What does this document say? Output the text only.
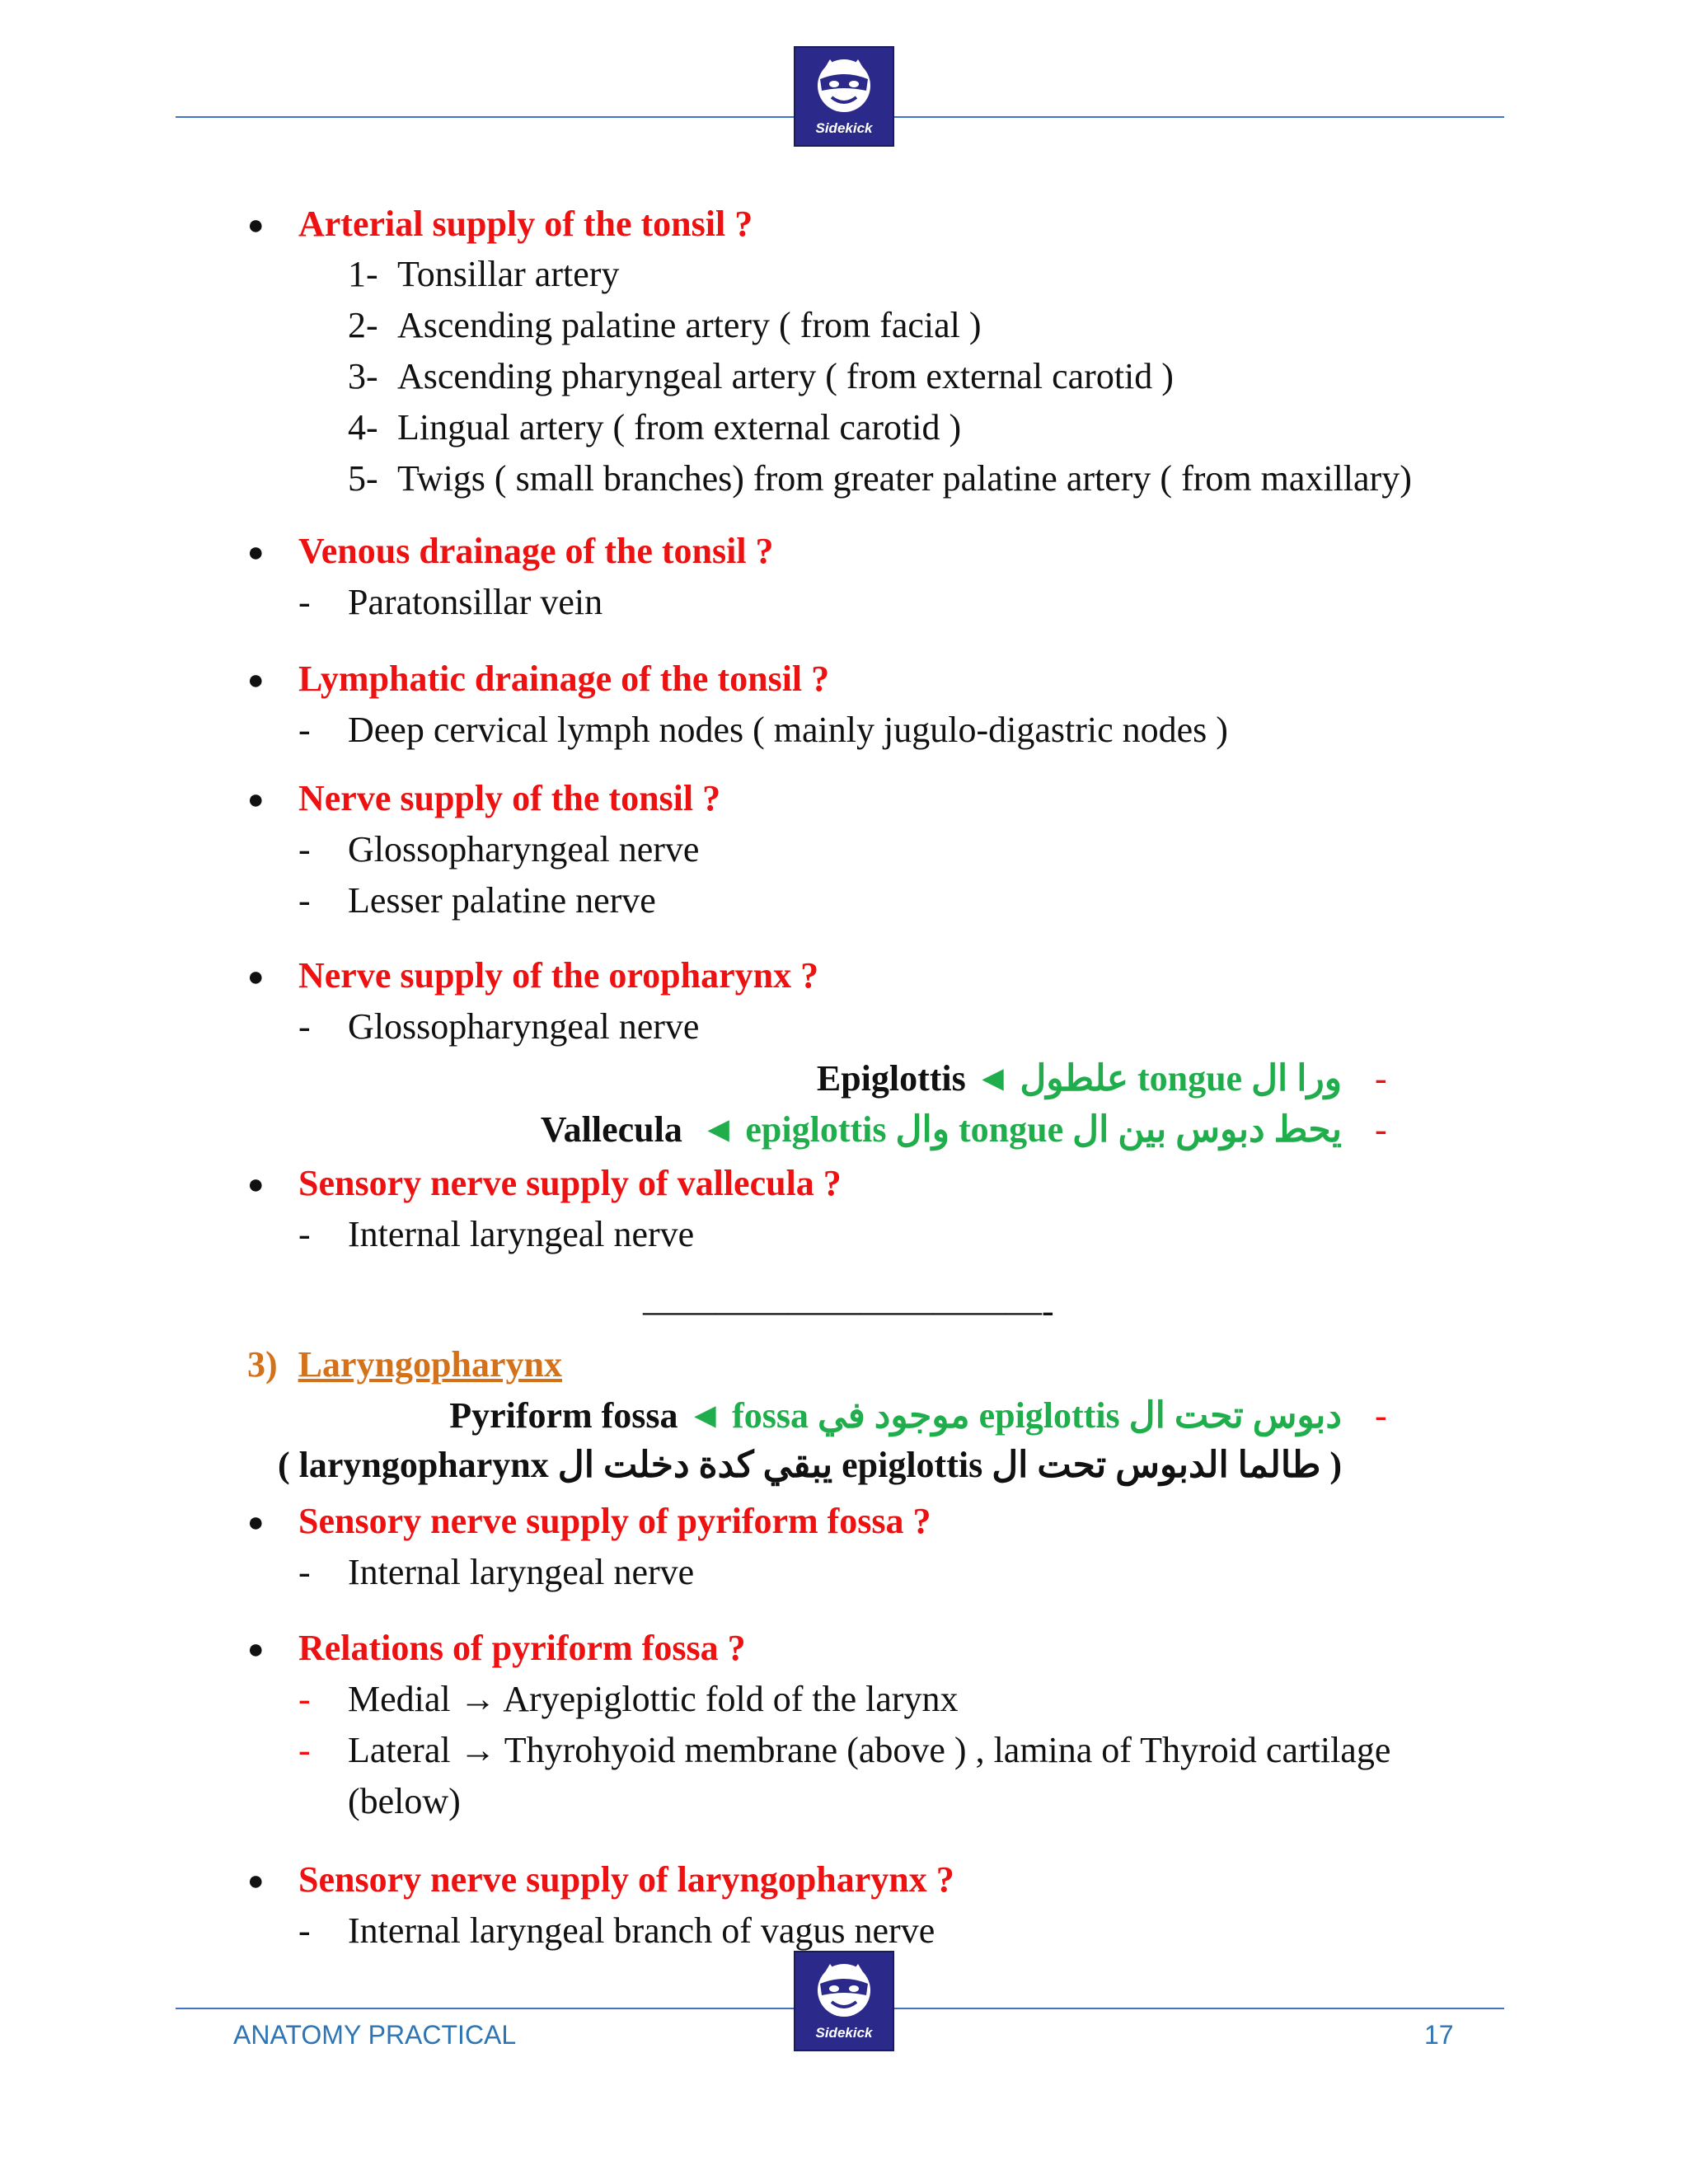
Sidekick
● Arterial supply of the tonsil ?
1- Tonsillar artery
2- Ascending palatine artery ( from facial )
3- Ascending pharyngeal artery ( from external carotid )
4- Lingual artery ( from external carotid )
5- Twigs ( small branches) from greater palatine artery ( from maxillary)
● Venous drainage of the tonsil ?
- Paratonsillar vein
● Lymphatic drainage of the tonsil ?
- Deep cervical lymph nodes ( mainly jugulo-digastric nodes )
● Nerve supply of the tonsil ?
- Glossopharyngeal nerve
- Lesser palatine nerve
● Nerve supply of the oropharynx ?
- Glossopharyngeal nerve
Epiglottis ◄ ورا ال tongue علطول -
Vallecula ◄ يحط دبوس بين ال tongue وال epiglottis -
● Sensory nerve supply of vallecula ?
- Internal laryngeal nerve
———————————-
3) Laryngopharynx
Pyriform fossa ◄ دبوس تحت ال epiglottis موجود في fossa -
( طالما الدبوس تحت ال epiglottis يبقي كدة دخلت ال laryngopharynx )
● Sensory nerve supply of pyriform fossa ?
- Internal laryngeal nerve
● Relations of pyriform fossa ?
- Medial → Aryepiglottic fold of the larynx
- Lateral → Thyrohyoid membrane (above ) , lamina of Thyroid cartilage
(below)
● Sensory nerve supply of laryngopharynx ?
- Internal laryngeal branch of vagus nerve
Sidekick
ANATOMY PRACTICAL	17
